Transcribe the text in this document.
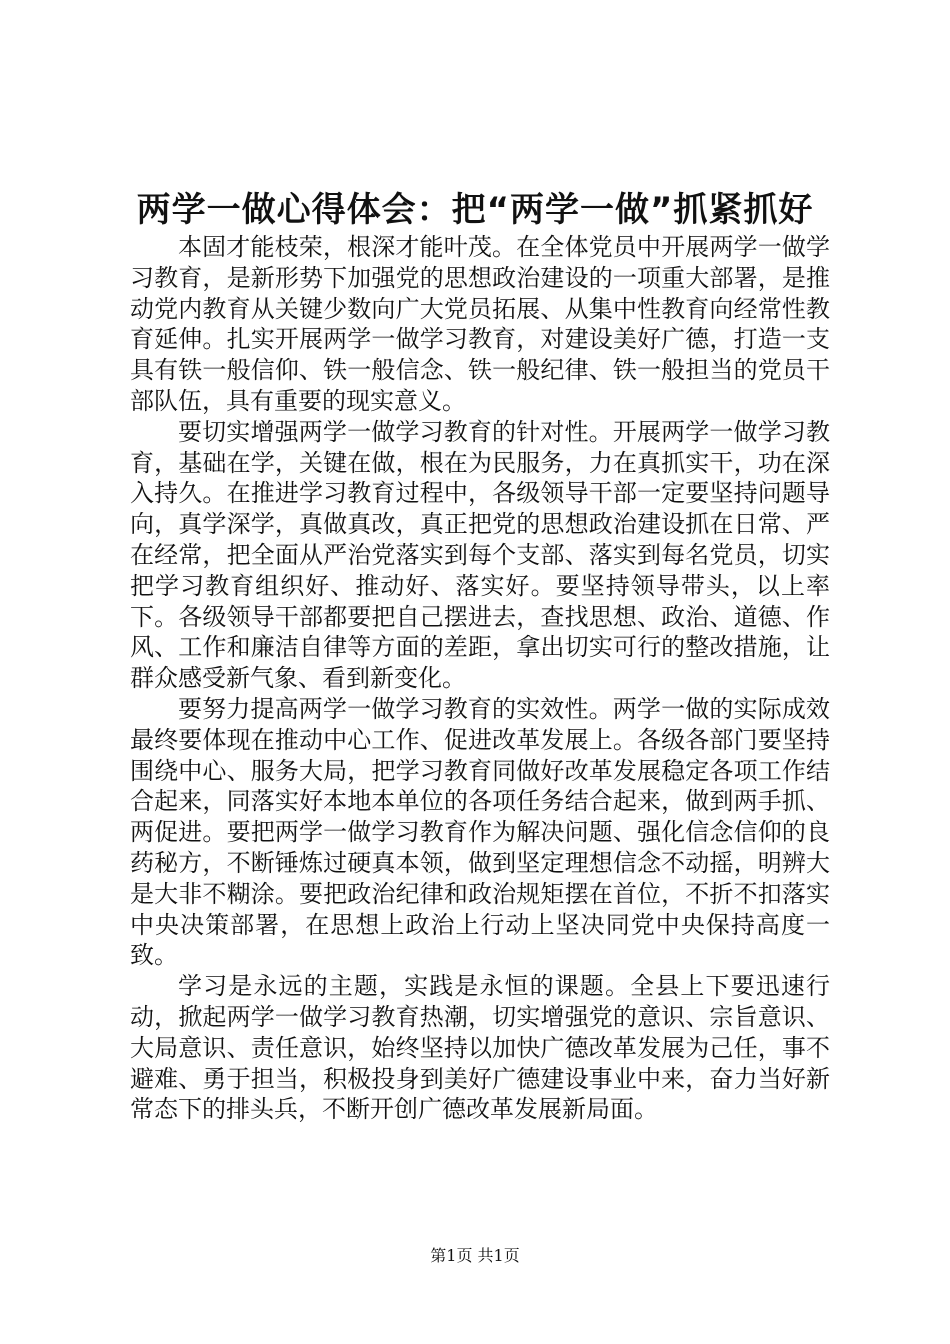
两学一做心得体会：把“两学一做”抓紧抓好

本固才能枝荣，根深才能叶茂。在全体党员中开展两学一做学习教育，是新形势下加强党的思想政治建设的一项重大部署，是推动党内教育从关键少数向广大党员拓展、从集中性教育向经常性教育延伸。扎实开展两学一做学习教育，对建设美好广德，打造一支具有铁一般信仰、铁一般信念、铁一般纪律、铁一般担当的党员干部队伍，具有重要的现实意义。

要切实增强两学一做学习教育的针对性。开展两学一做学习教育，基础在学，关键在做，根在为民服务，力在真抓实干，功在深入持久。在推进学习教育过程中，各级领导干部一定要坚持问题导向，真学深学，真做真改，真正把党的思想政治建设抓在日常、严在经常，把全面从严治党落实到每个支部、落实到每名党员，切实把学习教育组织好、推动好、落实好。要坚持领导带头，以上率下。各级领导干部都要把自己摆进去，查找思想、政治、道德、作风、工作和廉洁自律等方面的差距，拿出切实可行的整改措施，让群众感受新气象、看到新变化。

要努力提高两学一做学习教育的实效性。两学一做的实际成效最终要体现在推动中心工作、促进改革发展上。各级各部门要坚持围绕中心、服务大局，把学习教育同做好改革发展稳定各项工作结合起来，同落实好本地本单位的各项任务结合起来，做到两手抓、两促进。要把两学一做学习教育作为解决问题、强化信念信仰的良药秘方，不断锤炼过硬真本领，做到坚定理想信念不动摇，明辨大是大非不糊涂。要把政治纪律和政治规矩摆在首位，不折不扣落实中央决策部署，在思想上政治上行动上坚决同党中央保持高度一致。

学习是永远的主题，实践是永恒的课题。全县上下要迅速行动，掀起两学一做学习教育热潮，切实增强党的意识、宗旨意识、大局意识、责任意识，始终坚持以加快广德改革发展为己任，事不避难、勇于担当，积极投身到美好广德建设事业中来，奋力当好新常态下的排头兵，不断开创广德改革发展新局面。

第1页 共1页
